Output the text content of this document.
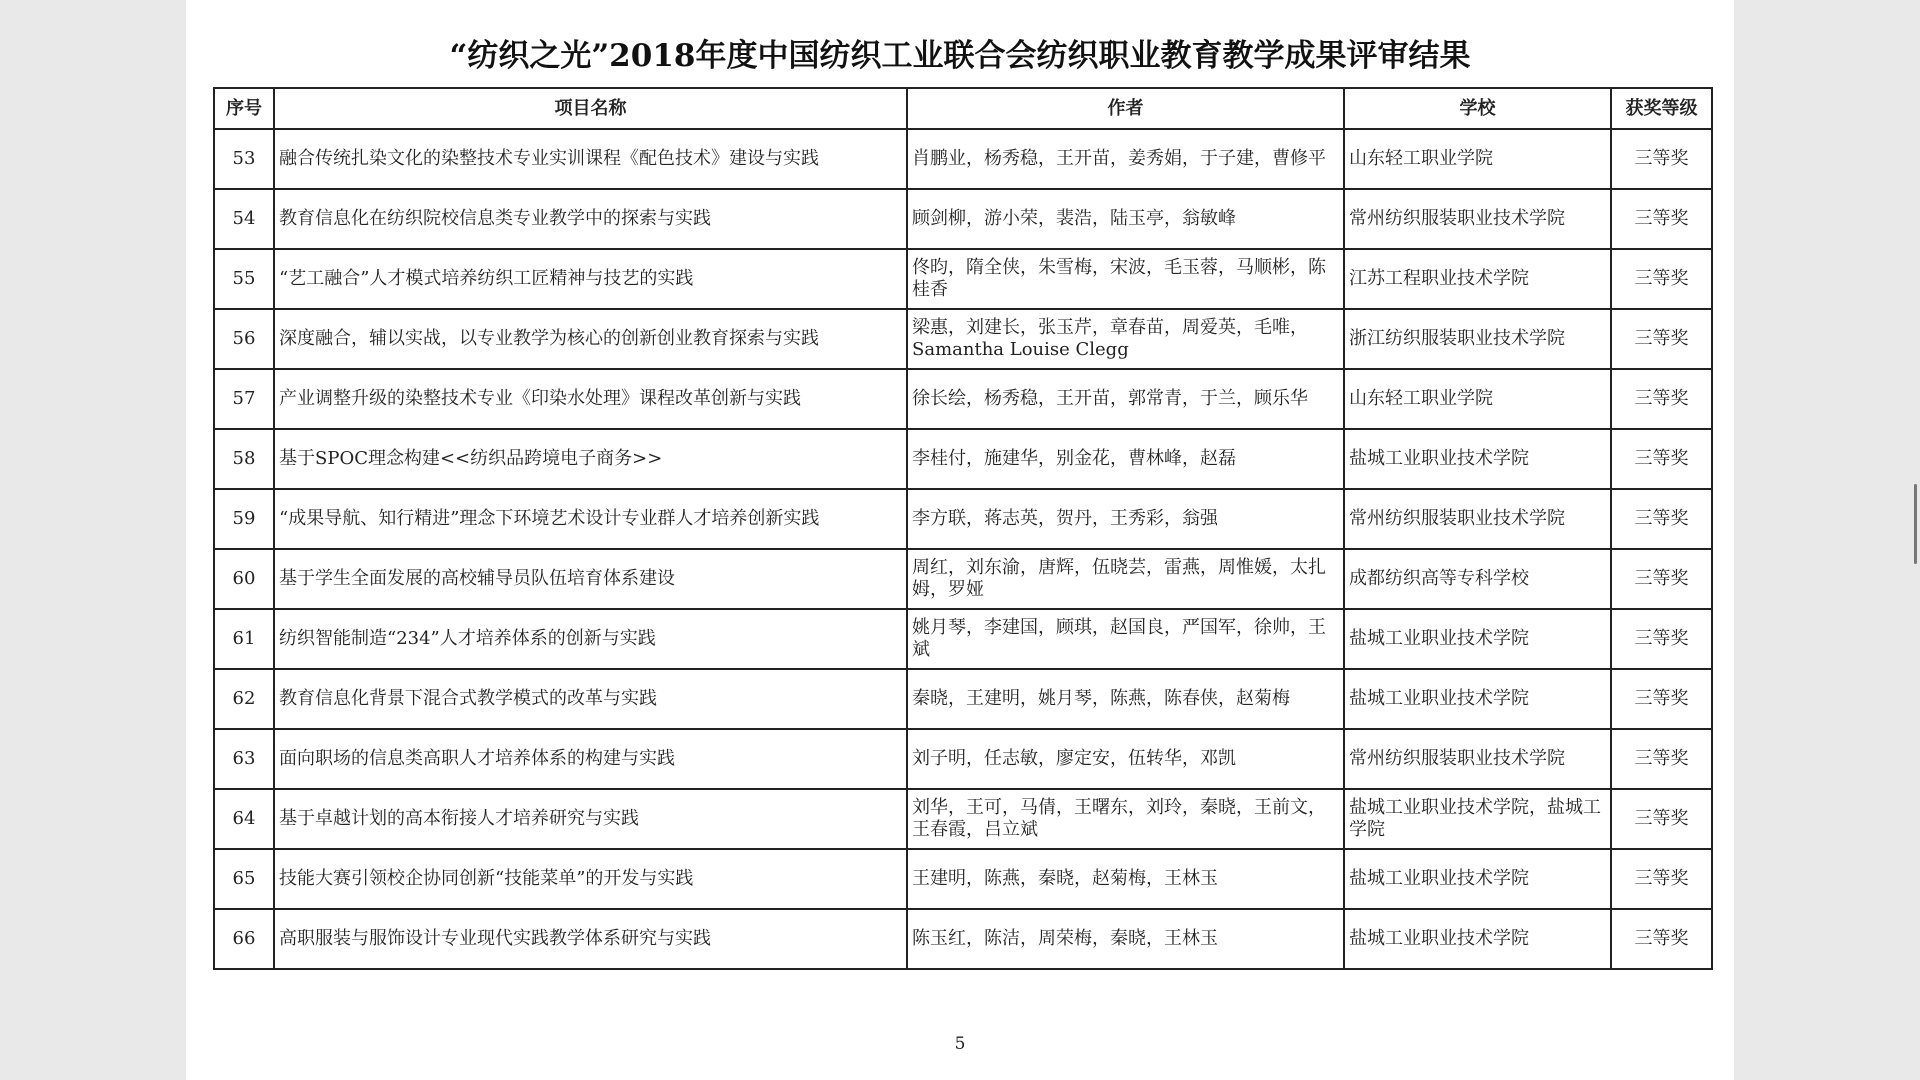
“纺织之光”2018年度中国纺织工业联合会纺织职业教育教学成果评审结果
序号	项目名称	作者	学校	获奖等级
53	融合传统扎染文化的染整技术专业实训课程《配色技术》建设与实践	肖鹏业，杨秀稳，王开苗，姜秀娟，于子建，曹修平	山东轻工职业学院	三等奖
54	教育信息化在纺织院校信息类专业教学中的探索与实践	顾剑柳，游小荣，裴浩，陆玉亭，翁敏峰	常州纺织服装职业技术学院	三等奖
55	“艺工融合”人才模式培养纺织工匠精神与技艺的实践	佟昀，隋全侠，朱雪梅，宋波，毛玉蓉，马顺彬，陈桂香	江苏工程职业技术学院	三等奖
56	深度融合，辅以实战，以专业教学为核心的创新创业教育探索与实践	梁惠，刘建长，张玉芹，章春苗，周爱英，毛唯，Samantha Louise Clegg	浙江纺织服装职业技术学院	三等奖
57	产业调整升级的染整技术专业《印染水处理》课程改革创新与实践	徐长绘，杨秀稳，王开苗，郭常青，于兰，顾乐华	山东轻工职业学院	三等奖
58	基于SPOC理念构建<<纺织品跨境电子商务>>	李桂付，施建华，别金花，曹林峰，赵磊	盐城工业职业技术学院	三等奖
59	“成果导航、知行精进”理念下环境艺术设计专业群人才培养创新实践	李方联，蒋志英，贺丹，王秀彩，翁强	常州纺织服装职业技术学院	三等奖
60	基于学生全面发展的高校辅导员队伍培育体系建设	周红，刘东渝，唐辉，伍晓芸，雷燕，周惟媛，太扎姆，罗娅	成都纺织高等专科学校	三等奖
61	纺织智能制造“234”人才培养体系的创新与实践	姚月琴，李建国，顾琪，赵国良，严国军，徐帅，王斌	盐城工业职业技术学院	三等奖
62	教育信息化背景下混合式教学模式的改革与实践	秦晓，王建明，姚月琴，陈燕，陈春侠，赵菊梅	盐城工业职业技术学院	三等奖
63	面向职场的信息类高职人才培养体系的构建与实践	刘子明，任志敏，廖定安，伍转华，邓凯	常州纺织服装职业技术学院	三等奖
64	基于卓越计划的高本衔接人才培养研究与实践	刘华，王可，马倩，王曙东，刘玲，秦晓，王前文，王春霞，吕立斌	盐城工业职业技术学院，盐城工学院	三等奖
65	技能大赛引领校企协同创新“技能菜单”的开发与实践	王建明，陈燕，秦晓，赵菊梅，王林玉	盐城工业职业技术学院	三等奖
66	高职服装与服饰设计专业现代实践教学体系研究与实践	陈玉红，陈洁，周荣梅，秦晓，王林玉	盐城工业职业技术学院	三等奖
5
